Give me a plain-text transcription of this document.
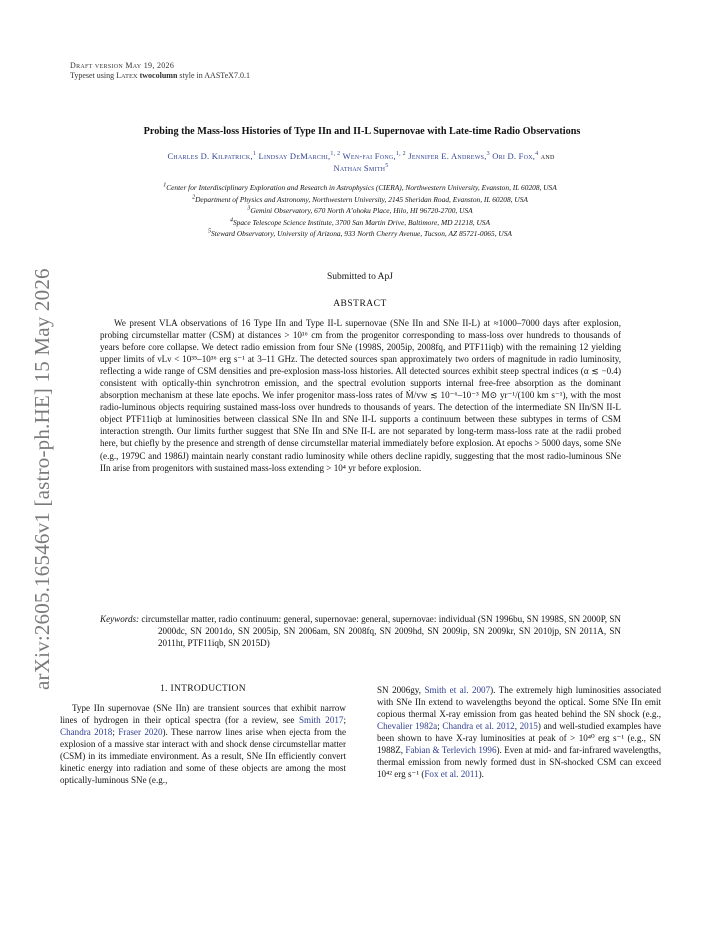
arXiv:2605.16546v1 [astro-ph.HE] 15 May 2026
Draft version May 19, 2026
Typeset using LATEX twocolumn style in AASTeX7.0.1
Probing the Mass-loss Histories of Type IIn and II-L Supernovae with Late-time Radio Observations
Charles D. Kilpatrick,$^1$ Lindsay DeMarchi,$^{1, 2}$ Wen-fai Fong,$^{1, 2}$ Jennifer E. Andrews,$^3$ Ori D. Fox,$^4$ and
Nathan Smith$^5$
$^1$Center for Interdisciplinary Exploration and Research in Astrophysics (CIERA), Northwestern University, Evanston, IL 60208, USA
$^2$Department of Physics and Astronomy, Northwestern University, 2145 Sheridan Road, Evanston, IL 60208, USA
$^3$Gemini Observatory, 670 North A’ohoku Place, Hilo, HI 96720-2700, USA
$^4$Space Telescope Science Institute, 3700 San Martin Drive, Baltimore, MD 21218, USA
$^5$Steward Observatory, University of Arizona, 933 North Cherry Avenue, Tucson, AZ 85721-0065, USA
Submitted to ApJ
ABSTRACT
We present VLA observations of 16 Type IIn and Type II-L supernovae (SNe IIn and SNe II-L) at ≈1000–7000 days after explosion, probing circumstellar matter (CSM) at distances > 10¹⁶ cm from the progenitor corresponding to mass-loss over hundreds to thousands of years before core collapse. We detect radio emission from four SNe (1998S, 2005ip, 2008fq, and PTF11iqb) with the remaining 12 yielding upper limits of νLν < 10³⁵–10³⁶ erg s⁻¹ at 3–11 GHz. The detected sources span approximately two orders of magnitude in radio luminosity, reflecting a wide range of CSM densities and pre-explosion mass-loss histories. All detected sources exhibit steep spectral indices (α ≲ −0.4) consistent with optically-thin synchrotron emission, and the spectral evolution supports internal free-free absorption as the dominant absorption mechanism at these late epochs. We infer progenitor mass-loss rates of Ṁ/vw ≲ 10⁻⁶–10⁻³ M⊙ yr⁻¹/(100 km s⁻¹), with the most radio-luminous objects requiring sustained mass-loss over hundreds to thousands of years. The detection of the intermediate SN IIn/SN II-L object PTF11iqb at luminosities between classical SNe IIn and SNe II-L supports a continuum between these subtypes in terms of CSM interaction strength. Our limits further suggest that SNe IIn and SNe II-L are not separated by long-term mass-loss rate at the radii probed here, but chiefly by the presence and strength of dense circumstellar material immediately before explosion. At epochs > 5000 days, some SNe (e.g., 1979C and 1986J) maintain nearly constant radio luminosity while others decline rapidly, suggesting that the most radio-luminous SNe IIn arise from progenitors with sustained mass-loss extending > 10⁴ yr before explosion.
Keywords: circumstellar matter, radio continuum: general, supernovae: general, supernovae: individual (SN 1996bu, SN 1998S, SN 2000P, SN 2000dc, SN 2001do, SN 2005ip, SN 2006am, SN 2008fq, SN 2009hd, SN 2009ip, SN 2009kr, SN 2010jp, SN 2011A, SN 2011ht, PTF11iqb, SN 2015D)
1. INTRODUCTION
Type IIn supernovae (SNe IIn) are transient sources that exhibit narrow lines of hydrogen in their optical spectra (for a review, see Smith 2017; Chandra 2018; Fraser 2020). These narrow lines arise when ejecta from the explosion of a massive star interact with and shock dense circumstellar matter (CSM) in its immediate environment. As a result, SNe IIn efficiently convert kinetic energy into radiation and some of these objects are among the most optically-luminous SNe (e.g.,
SN 2006gy, Smith et al. 2007). The extremely high luminosities associated with SNe IIn extend to wavelengths beyond the optical. Some SNe IIn emit copious thermal X-ray emission from gas heated behind the SN shock (e.g., Chevalier 1982a; Chandra et al. 2012, 2015) and well-studied examples have been shown to have X-ray luminosities at peak of > 10⁴⁰ erg s⁻¹ (e.g., SN 1988Z, Fabian & Terlevich 1996). Even at mid- and far-infrared wavelengths, thermal emission from newly formed dust in SN-shocked CSM can exceed 10⁴² erg s⁻¹ (Fox et al. 2011).
